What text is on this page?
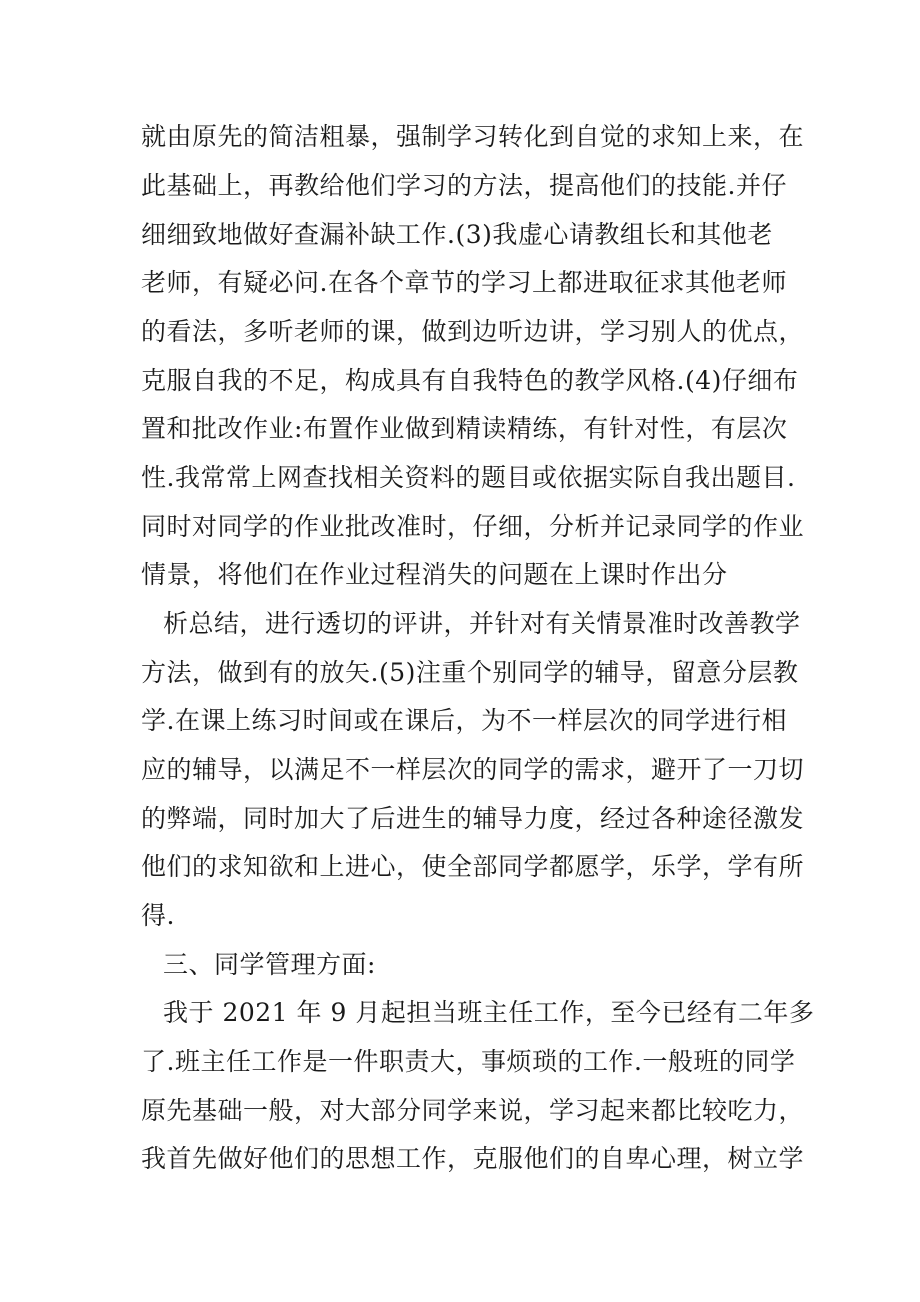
就由原先的简洁粗暴，强制学习转化到自觉的求知上来，在
此基础上，再教给他们学习的方法，提高他们的技能.并仔
细细致地做好查漏补缺工作.(3)我虚心请教组长和其他老
老师，有疑必问.在各个章节的学习上都进取征求其他老师
的看法，多听老师的课，做到边听边讲，学习别人的优点，
克服自我的不足，构成具有自我特色的教学风格.(4)仔细布
置和批改作业:布置作业做到精读精练，有针对性，有层次
性.我常常上网查找相关资料的题目或依据实际自我出题目.
同时对同学的作业批改准时，仔细，分析并记录同学的作业
情景，将他们在作业过程消失的问题在上课时作出分
析总结，进行透切的评讲，并针对有关情景准时改善教学
方法，做到有的放矢.(5)注重个别同学的辅导，留意分层教
学.在课上练习时间或在课后，为不一样层次的同学进行相
应的辅导，以满足不一样层次的同学的需求，避开了一刀切
的弊端，同时加大了后进生的辅导力度，经过各种途径激发
他们的求知欲和上进心，使全部同学都愿学，乐学，学有所
得.
三、同学管理方面:
我于 2021 年 9 月起担当班主任工作，至今已经有二年多
了.班主任工作是一件职责大，事烦琐的工作.一般班的同学
原先基础一般，对大部分同学来说，学习起来都比较吃力，
我首先做好他们的思想工作，克服他们的自卑心理，树立学
